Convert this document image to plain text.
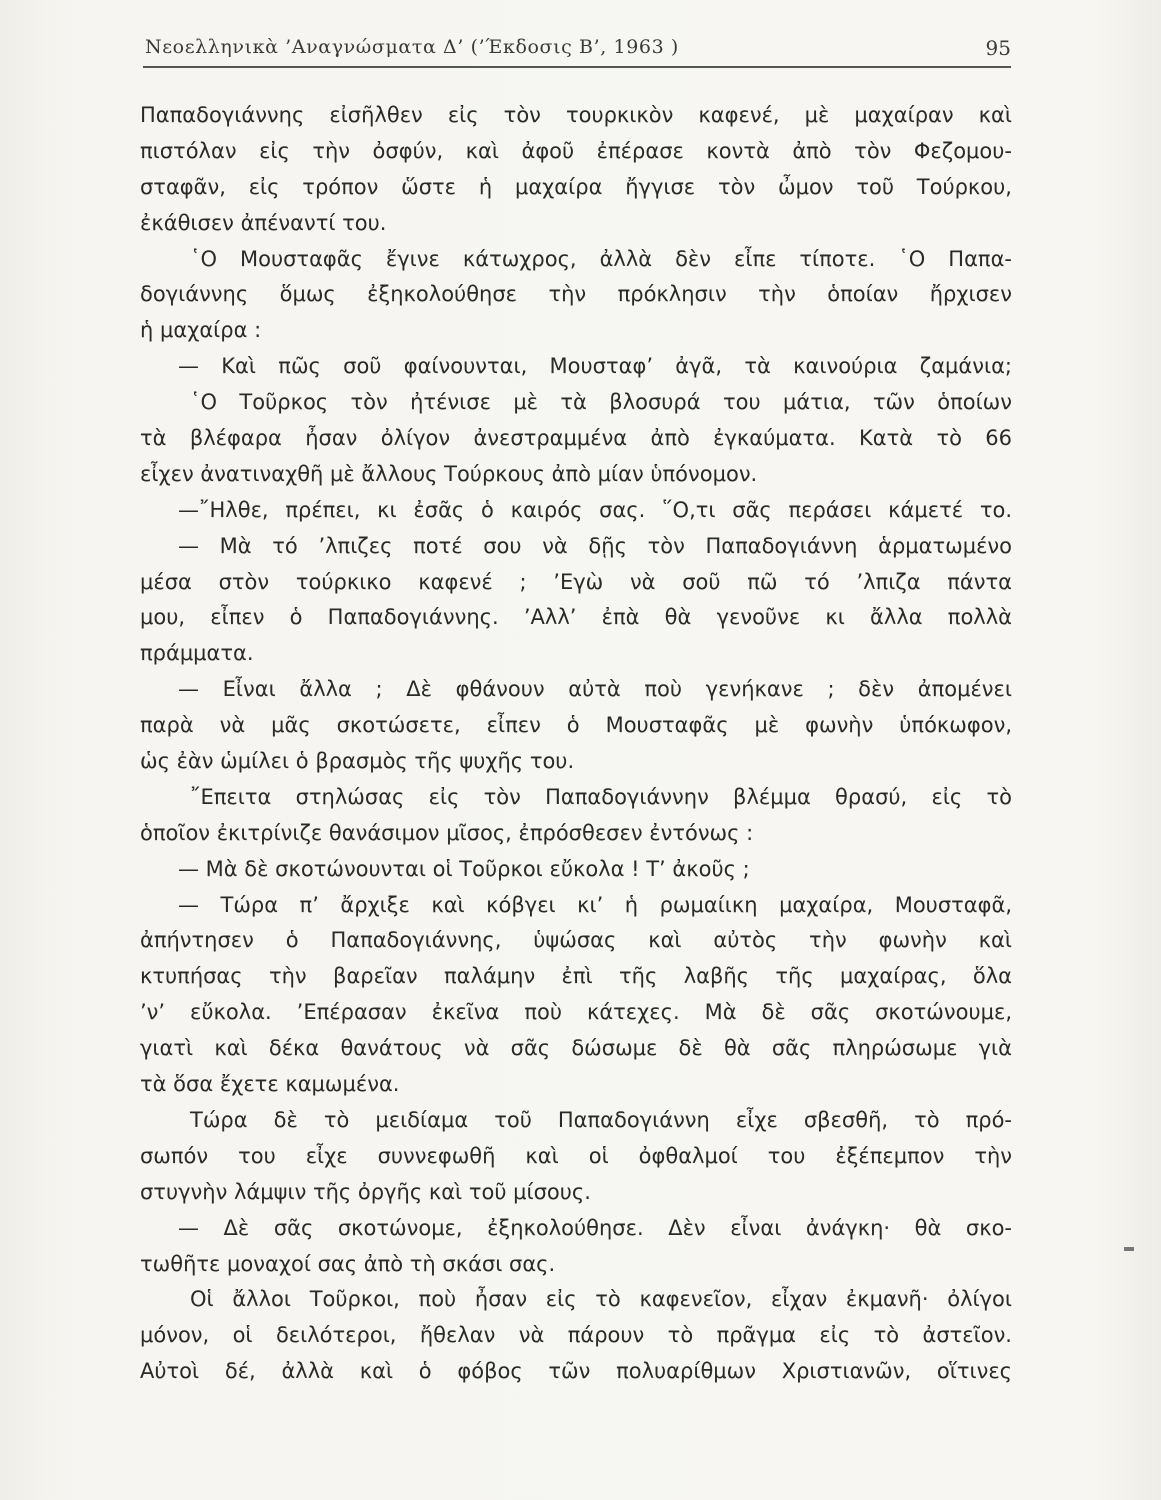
Νεοελληνικὰ ’Αναγνώσματα Δ’ (’Έκδοσις Β’, 1963 )	95
Παπαδογιάννης εἰσῆλθεν εἰς τὸν τουρκικὸν καφενέ, μὲ μαχαίραν καὶ
πιστόλαν εἰς τὴν ὀσφύν, καὶ ἀφοῦ ἐπέρασε κοντὰ ἀπὸ τὸν Φεζομου-
σταφᾶν, εἰς τρόπον ὥστε ἡ μαχαίρα ἤγγισε τὸν ὦμον τοῦ Τούρκου,
ἐκάθισεν ἀπέναντί του.
῾Ο Μουσταφᾶς ἔγινε κάτωχρος, ἀλλὰ δὲν εἶπε τίποτε. ῾Ο Παπα-
δογιάννης ὅμως ἐξηκολούθησε τὴν πρόκλησιν τὴν ὁποίαν ἤρχισεν
ἡ μαχαίρα :
— Καὶ πῶς σοῦ φαίνουνται, Μουσταφ’ ἀγᾶ, τὰ καινούρια ζαμάνια;
῾Ο Τοῦρκος τὸν ἠτένισε μὲ τὰ βλοσυρά του μάτια, τῶν ὁποίων
τὰ βλέφαρα ἦσαν ὀλίγον ἀνεστραμμένα ἀπὸ ἐγκαύματα. Κατὰ τὸ 66
εἶχεν ἀνατιναχθῆ μὲ ἄλλους Τούρκους ἀπὸ μίαν ὑπόνομον.
—῎Ηλθε, πρέπει, κι ἐσᾶς ὁ καιρός σας. ῞Ο,τι σᾶς περάσει κάμετέ το.
— Μὰ τό ’λπιζες ποτέ σου νὰ δῇς τὸν Παπαδογιάννη ἁρματωμένο
μέσα στὸν τούρκικο καφενέ ; ’Εγὼ νὰ σοῦ πῶ τό ’λπιζα πάντα
μου, εἶπεν ὁ Παπαδογιάννης. ’Αλλ’ ἐπὰ θὰ γενοῦνε κι ἄλλα πολλὰ
πράμματα.
— Εἶναι ἄλλα ; Δὲ φθάνουν αὐτὰ ποὺ γενήκανε ; δὲν ἀπομένει
παρὰ νὰ μᾶς σκοτώσετε, εἶπεν ὁ Μουσταφᾶς μὲ φωνὴν ὑπόκωφον,
ὡς ἐὰν ὡμίλει ὁ βρασμὸς τῆς ψυχῆς του.
῎Επειτα στηλώσας εἰς τὸν Παπαδογιάννην βλέμμα θρασύ, εἰς τὸ
ὁποῖον ἐκιτρίνιζε θανάσιμον μῖσος, ἐπρόσθεσεν ἐντόνως :
— Μὰ δὲ σκοτώνουνται οἱ Τοῦρκοι εὔκολα ! Τ’ ἀκοῦς ;
— Τώρα π’ ἄρχιξε καὶ κόβγει κι’ ἡ ρωμαίικη μαχαίρα, Μουσταφᾶ,
ἀπήντησεν ὁ Παπαδογιάννης, ὑψώσας καὶ αὐτὸς τὴν φωνὴν καὶ
κτυπήσας τὴν βαρεῖαν παλάμην ἐπὶ τῆς λαβῆς τῆς μαχαίρας, ὅλα
’ν’ εὔκολα. ’Επέρασαν ἐκεῖνα ποὺ κάτεχες. Μὰ δὲ σᾶς σκοτώνουμε,
γιατὶ καὶ δέκα θανάτους νὰ σᾶς δώσωμε δὲ θὰ σᾶς πληρώσωμε γιὰ
τὰ ὅσα ἔχετε καμωμένα.
Τώρα δὲ τὸ μειδίαμα τοῦ Παπαδογιάννη εἶχε σβεσθῆ, τὸ πρό-
σωπόν του εἶχε συννεφωθῆ καὶ οἱ ὀφθαλμοί του ἐξέπεμπον τὴν
στυγνὴν λάμψιν τῆς ὀργῆς καὶ τοῦ μίσους.
— Δὲ σᾶς σκοτώνομε, ἐξηκολούθησε. Δὲν εἶναι ἀνάγκη· θὰ σκο-
τωθῆτε μοναχοί σας ἀπὸ τὴ σκάσι σας.
Οἱ ἄλλοι Τοῦρκοι, ποὺ ἦσαν εἰς τὸ καφενεῖον, εἶχαν ἐκμανῆ· ὀλίγοι
μόνον, οἱ δειλότεροι, ἤθελαν νὰ πάρουν τὸ πρᾶγμα εἰς τὸ ἀστεῖον.
Αὐτοὶ δέ, ἀλλὰ καὶ ὁ φόβος τῶν πολυαρίθμων Χριστιανῶν, οἵτινες
